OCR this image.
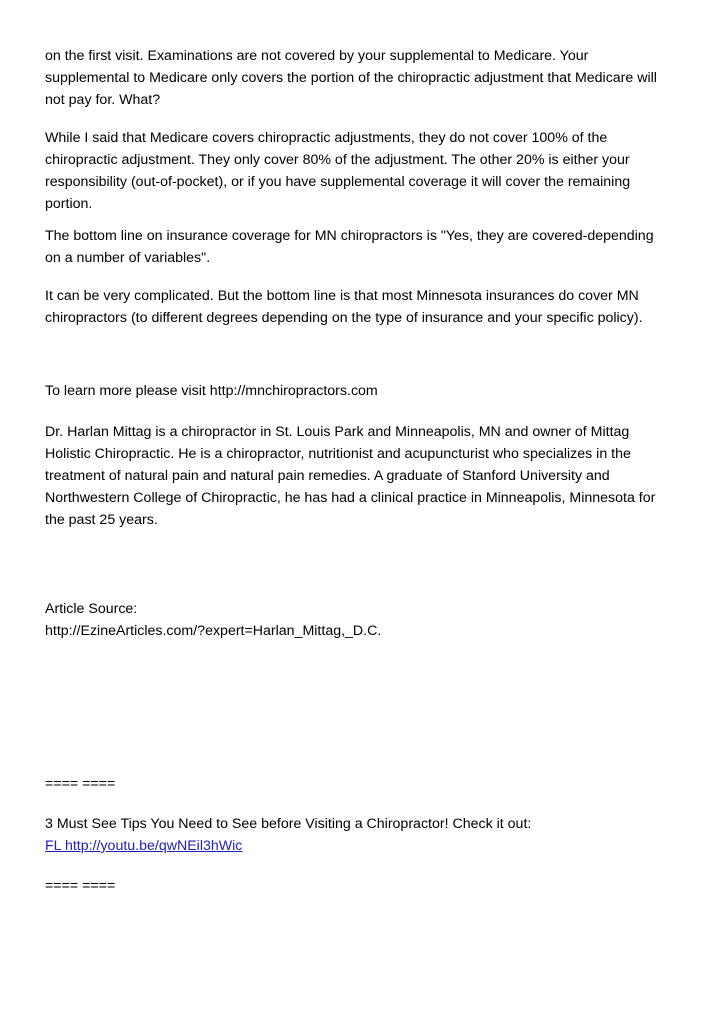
on the first visit. Examinations are not covered by your supplemental to Medicare. Your
supplemental to Medicare only covers the portion of the chiropractic adjustment that Medicare will
not pay for. What?
While I said that Medicare covers chiropractic adjustments, they do not cover 100% of the
chiropractic adjustment. They only cover 80% of the adjustment. The other 20% is either your
responsibility (out-of-pocket), or if you have supplemental coverage it will cover the remaining
portion.
The bottom line on insurance coverage for MN chiropractors is "Yes, they are covered-depending
on a number of variables".
It can be very complicated. But the bottom line is that most Minnesota insurances do cover MN
chiropractors (to different degrees depending on the type of insurance and your specific policy).
To learn more please visit http://mnchiropractors.com
Dr. Harlan Mittag is a chiropractor in St. Louis Park and Minneapolis, MN and owner of Mittag
Holistic Chiropractic. He is a chiropractor, nutritionist and acupuncturist who specializes in the
treatment of natural pain and natural pain remedies. A graduate of Stanford University and
Northwestern College of Chiropractic, he has had a clinical practice in Minneapolis, Minnesota for
the past 25 years.
Article Source:
http://EzineArticles.com/?expert=Harlan_Mittag,_D.C.
==== ====
3 Must See Tips You Need to See before Visiting a Chiropractor! Check it out:
FL http://youtu.be/qwNEil3hWic
==== ====
